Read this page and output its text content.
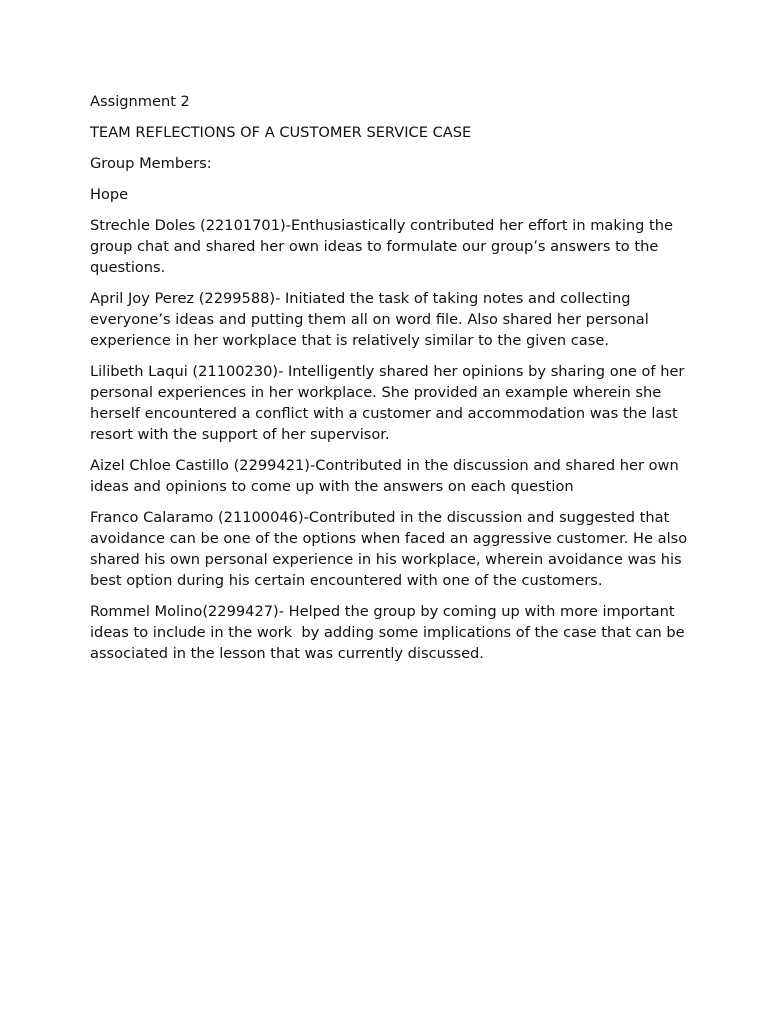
Assignment 2

TEAM REFLECTIONS OF A CUSTOMER SERVICE CASE

Group Members:

Hope

Strechle Doles (22101701)-Enthusiastically contributed her effort in making the group chat and shared her own ideas to formulate our group’s answers to the questions.

April Joy Perez (2299588)- Initiated the task of taking notes and collecting everyone’s ideas and putting them all on word file. Also shared her personal experience in her workplace that is relatively similar to the given case.

Lilibeth Laqui (21100230)- Intelligently shared her opinions by sharing one of her personal experiences in her workplace. She provided an example wherein she herself encountered a conflict with a customer and accommodation was the last resort with the support of her supervisor.

Aizel Chloe Castillo (2299421)-Contributed in the discussion and shared her own ideas and opinions to come up with the answers on each question

Franco Calaramo (21100046)-Contributed in the discussion and suggested that avoidance can be one of the options when faced an aggressive customer. He also shared his own personal experience in his workplace, wherein avoidance was his best option during his certain encountered with one of the customers.

Rommel Molino(2299427)- Helped the group by coming up with more important ideas to include in the work  by adding some implications of the case that can be associated in the lesson that was currently discussed.
